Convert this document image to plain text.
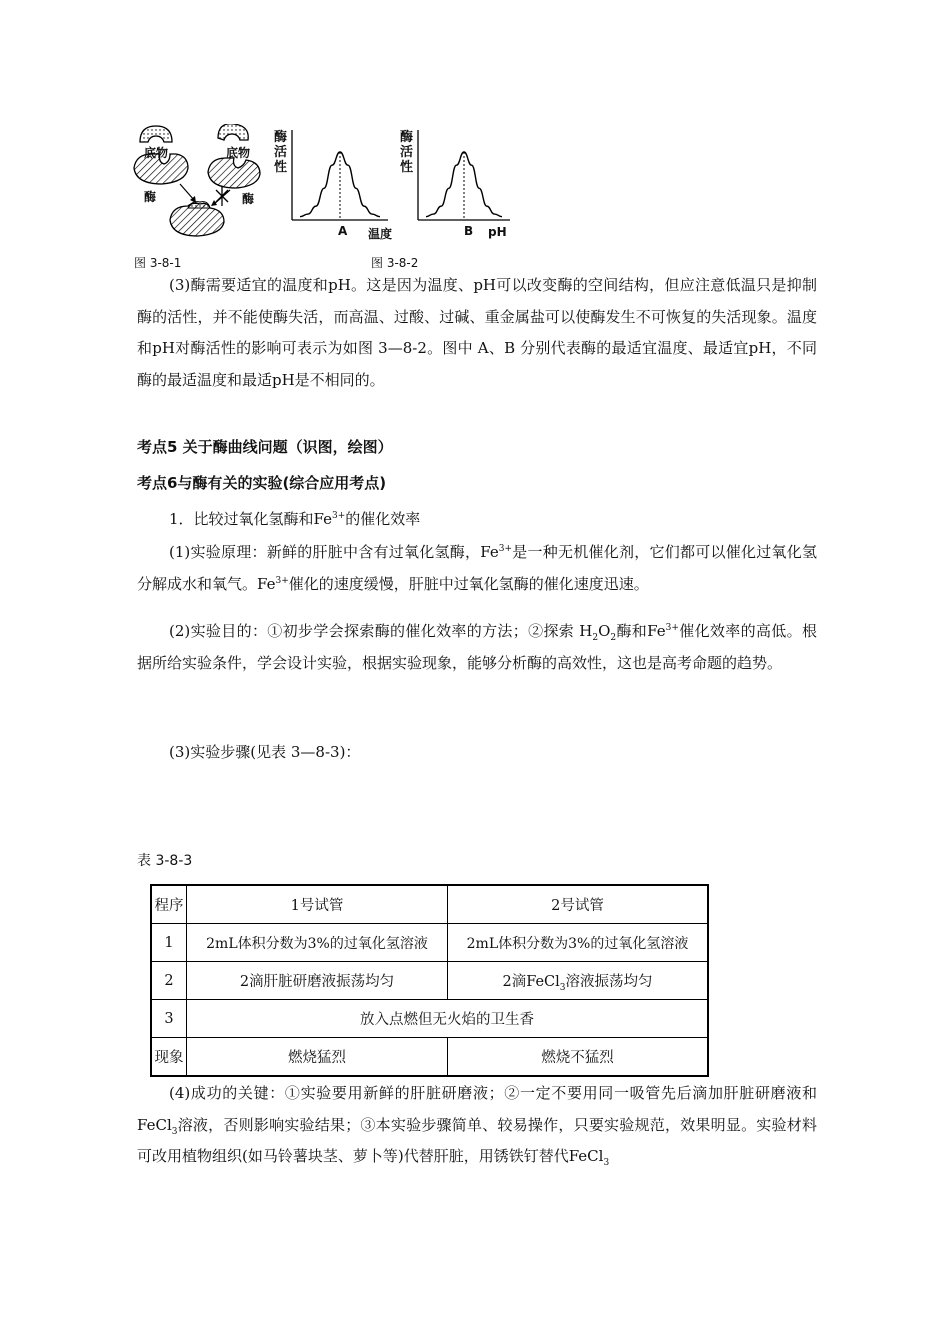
底物	底物
酶	酶
图 3-8-1
酶活性
A 温度
酶活性
B pH
图 3-8-2

(3)酶需要适宜的温度和pH。这是因为温度、pH可以改变酶的空间结构，但应注意低温只是抑制酶的活性，并不能使酶失活，而高温、过酸、过碱、重金属盐可以使酶发生不可恢复的失活现象。温度和pH对酶活性的影响可表示为如图 3—8-2。图中 A、B 分别代表酶的最适宜温度、最适宜pH，不同酶的最适温度和最适pH是不相同的。

考点5 关于酶曲线问题（识图，绘图）
考点6与酶有关的实验(综合应用考点)

1．比较过氧化氢酶和$Fe^{3+}$的催化效率

(1)实验原理：新鲜的肝脏中含有过氧化氢酶，$Fe^{3+}$是一种无机催化剂，它们都可以催化过氧化氢分解成水和氧气。$Fe^{3+}$催化的速度缓慢，肝脏中过氧化氢酶的催化速度迅速。

(2)实验目的：①初步学会探索酶的催化效率的方法；②探索 $H_2O_2$酶和$Fe^{3+}$催化效率的高低。根据所给实验条件，学会设计实验，根据实验现象，能够分析酶的高效性，这也是高考命题的趋势。

(3)实验步骤(见表 3—8-3)：

表 3-8-3
程序	1号试管	2号试管
1	2mL体积分数为3%的过氧化氢溶液	2mL体积分数为3%的过氧化氢溶液
2	2滴肝脏研磨液振荡均匀	2滴FeCl$_3$溶液振荡均匀
3	放入点燃但无火焰的卫生香	
现象	燃烧猛烈	燃烧不猛烈

(4)成功的关键：①实验要用新鲜的肝脏研磨液；②一定不要用同一吸管先后滴加肝脏研磨液和FeCl$_3$溶液，否则影响实验结果；③本实验步骤简单、较易操作，只要实验规范，效果明显。实验材料可改用植物组织(如马铃薯块茎、萝卜等)代替肝脏，用锈铁钉替代FeCl$_3$
